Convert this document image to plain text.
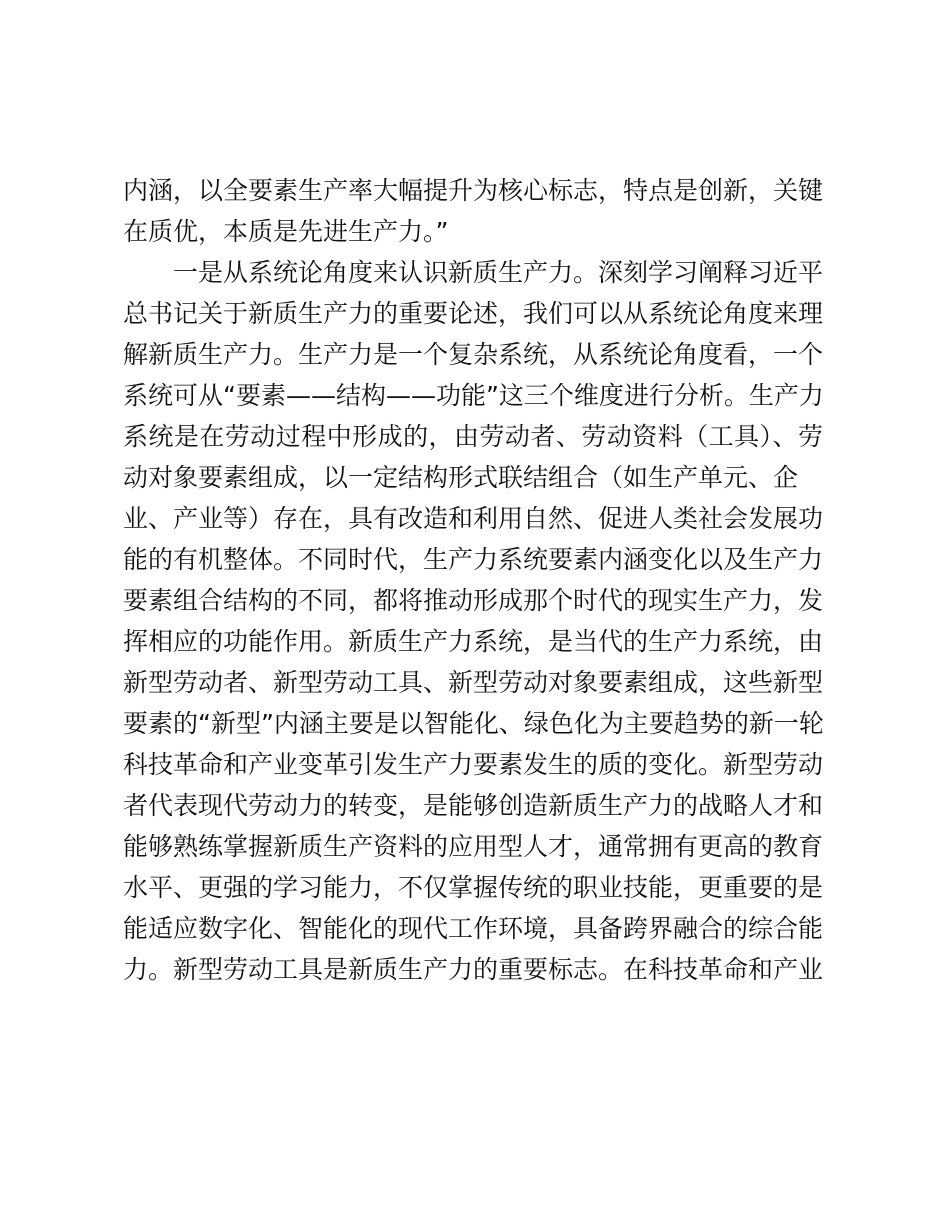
内涵，以全要素生产率大幅提升为核心标志，特点是创新，关键
在质优，本质是先进生产力。”
　　一是从系统论角度来认识新质生产力。深刻学习阐释习近平
总书记关于新质生产力的重要论述，我们可以从系统论角度来理
解新质生产力。生产力是一个复杂系统，从系统论角度看，一个
系统可从“要素——结构——功能”这三个维度进行分析。生产力
系统是在劳动过程中形成的，由劳动者、劳动资料（工具）、劳
动对象要素组成，以一定结构形式联结组合（如生产单元、企
业、产业等）存在，具有改造和利用自然、促进人类社会发展功
能的有机整体。不同时代，生产力系统要素内涵变化以及生产力
要素组合结构的不同，都将推动形成那个时代的现实生产力，发
挥相应的功能作用。新质生产力系统，是当代的生产力系统，由
新型劳动者、新型劳动工具、新型劳动对象要素组成，这些新型
要素的“新型”内涵主要是以智能化、绿色化为主要趋势的新一轮
科技革命和产业变革引发生产力要素发生的质的变化。新型劳动
者代表现代劳动力的转变，是能够创造新质生产力的战略人才和
能够熟练掌握新质生产资料的应用型人才，通常拥有更高的教育
水平、更强的学习能力，不仅掌握传统的职业技能，更重要的是
能适应数字化、智能化的现代工作环境，具备跨界融合的综合能
力。新型劳动工具是新质生产力的重要标志。在科技革命和产业
